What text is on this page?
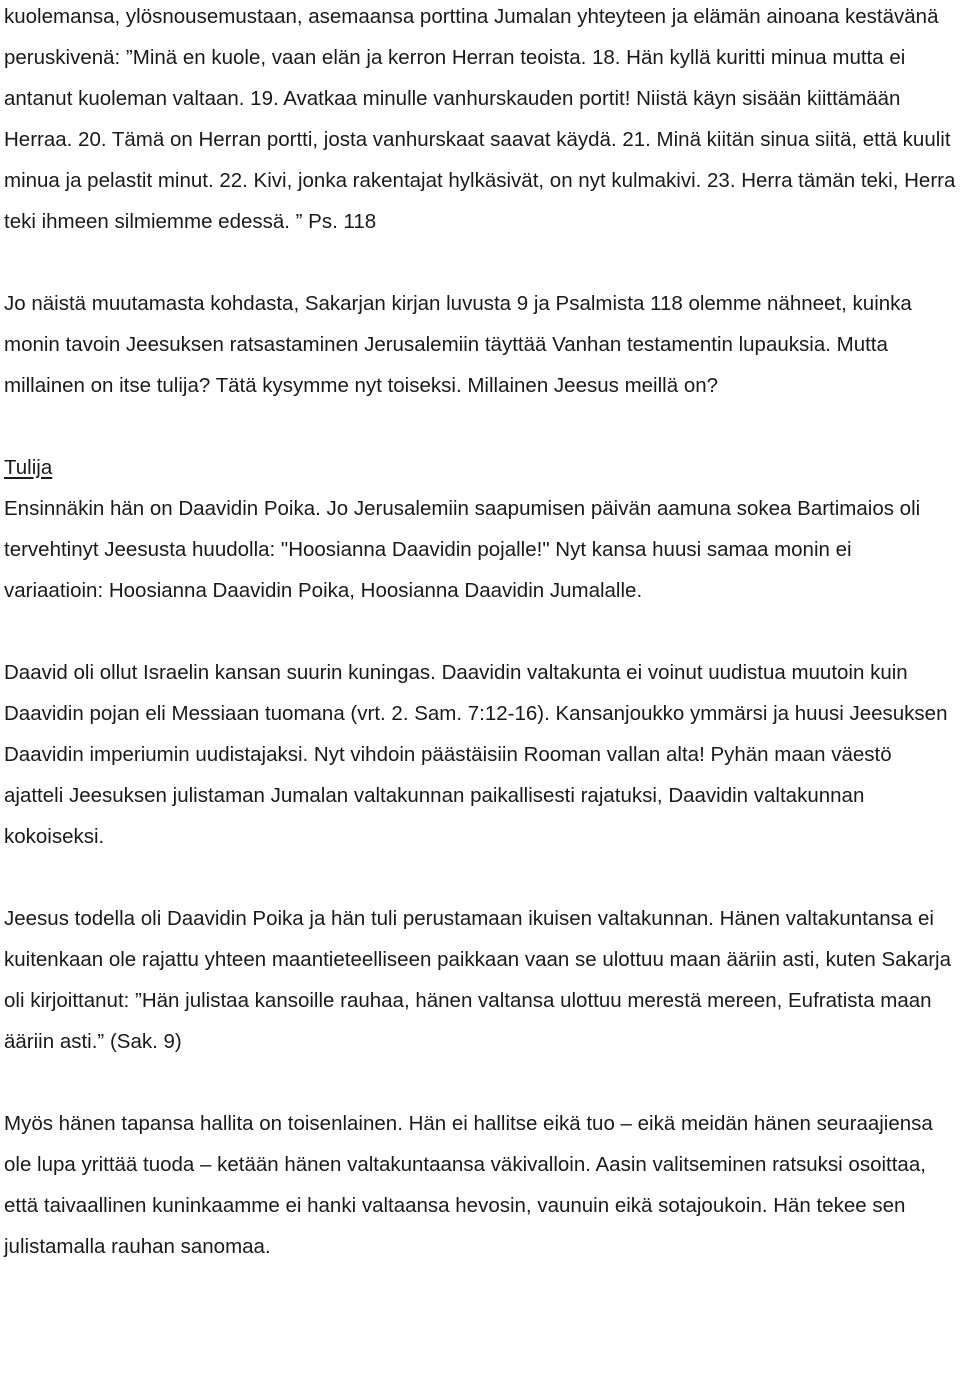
kuolemansa, ylösnousemustaan, asemaansa porttina Jumalan yhteyteen ja elämän ainoana kestävänä peruskivenä: ”Minä en kuole, vaan elän ja kerron Herran teoista. 18. Hän kyllä kuritti minua mutta ei antanut kuoleman valtaan. 19. Avatkaa minulle vanhurskauden portit! Niistä käyn sisään kiittämään Herraa. 20. Tämä on Herran portti, josta vanhurskaat saavat käydä. 21. Minä kiitän sinua siitä, että kuulit minua ja pelastit minut. 22. Kivi, jonka rakentajat hylkäsivät, on nyt kulmakivi. 23. Herra tämän teki, Herra teki ihmeen silmiemme edessä. ” Ps. 118

Jo näistä muutamasta kohdasta, Sakarjan kirjan luvusta 9 ja Psalmista 118 olemme nähneet, kuinka monin tavoin Jeesuksen ratsastaminen Jerusalemiin täyttää Vanhan testamentin lupauksia. Mutta millainen on itse tulija? Tätä kysymme nyt toiseksi. Millainen Jeesus meillä on?

Tulija

Ensinnäkin hän on Daavidin Poika. Jo Jerusalemiin saapumisen päivän aamuna sokea Bartimaios oli tervehtinyt Jeesusta huudolla: "Hoosianna Daavidin pojalle!" Nyt kansa huusi samaa monin ei variaatioin: Hoosianna Daavidin Poika, Hoosianna Daavidin Jumalalle.

Daavid oli ollut Israelin kansan suurin kuningas. Daavidin valtakunta ei voinut uudistua muutoin kuin Daavidin pojan eli Messiaan tuomana (vrt. 2. Sam. 7:12-16). Kansanjoukko ymmärsi ja huusi Jeesuksen Daavidin imperiumin uudistajaksi. Nyt vihdoin päästäisiin Rooman vallan alta! Pyhän maan väestö ajatteli Jeesuksen julistaman Jumalan valtakunnan paikallisesti rajatuksi, Daavidin valtakunnan kokoiseksi.

Jeesus todella oli Daavidin Poika ja hän tuli perustamaan ikuisen valtakunnan. Hänen valtakuntansa ei kuitenkaan ole rajattu yhteen maantieteelliseen paikkaan vaan se ulottuu maan ääriin asti, kuten Sakarja oli kirjoittanut: ”Hän julistaa kansoille rauhaa, hänen valtansa ulottuu merestä mereen, Eufratista maan ääriin asti.” (Sak. 9)

Myös hänen tapansa hallita on toisenlainen. Hän ei hallitse eikä tuo – eikä meidän hänen seuraajiensa ole lupa yrittää tuoda – ketään hänen valtakuntaansa väkivalloin. Aasin valitseminen ratsuksi osoittaa, että taivaallinen kuninkaamme ei hanki valtaansa hevosin, vaunuin eikä sotajoukoin. Hän tekee sen julistamalla rauhan sanomaa.
